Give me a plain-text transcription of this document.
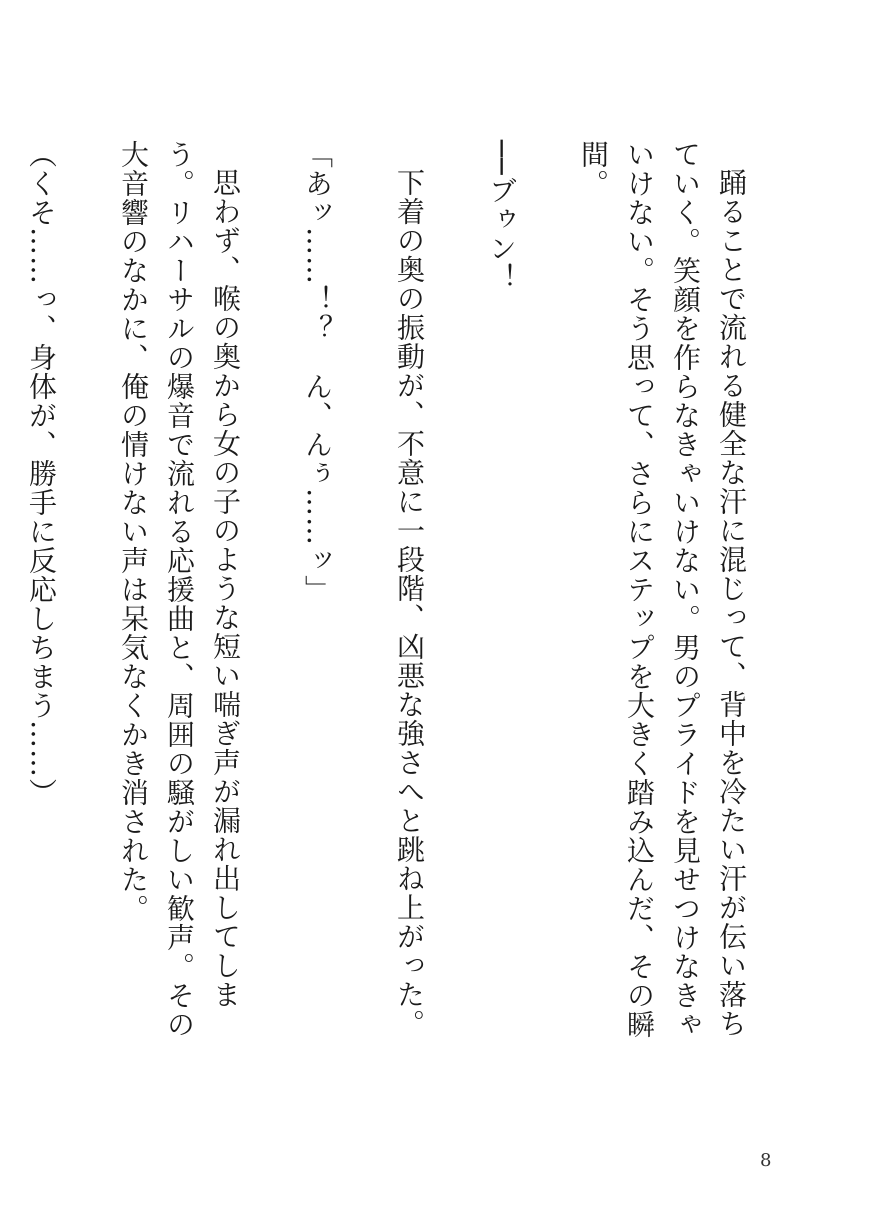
踊ることで流れる健全な汗に混じって、背中を冷たい汗が伝い落ちていく。笑顔を作らなきゃいけない。男のプライドを見せつけなきゃいけない。そう思って、さらにステップを大きく踏み込んだ、その瞬間。

──ブゥン！

下着の奥の振動が、不意に一段階、凶悪な強さへと跳ね上がった。

「あッ……！？　ん、んぅ……ッ」

思わず、喉の奥から女の子のような短い喘ぎ声が漏れ出してしまう。リハーサルの爆音で流れる応援曲と、周囲の騒がしい歓声。その大音響のなかに、俺の情けない声は呆気なくかき消された。

（くそ……っ、身体が、勝手に反応しちまう……）

8
